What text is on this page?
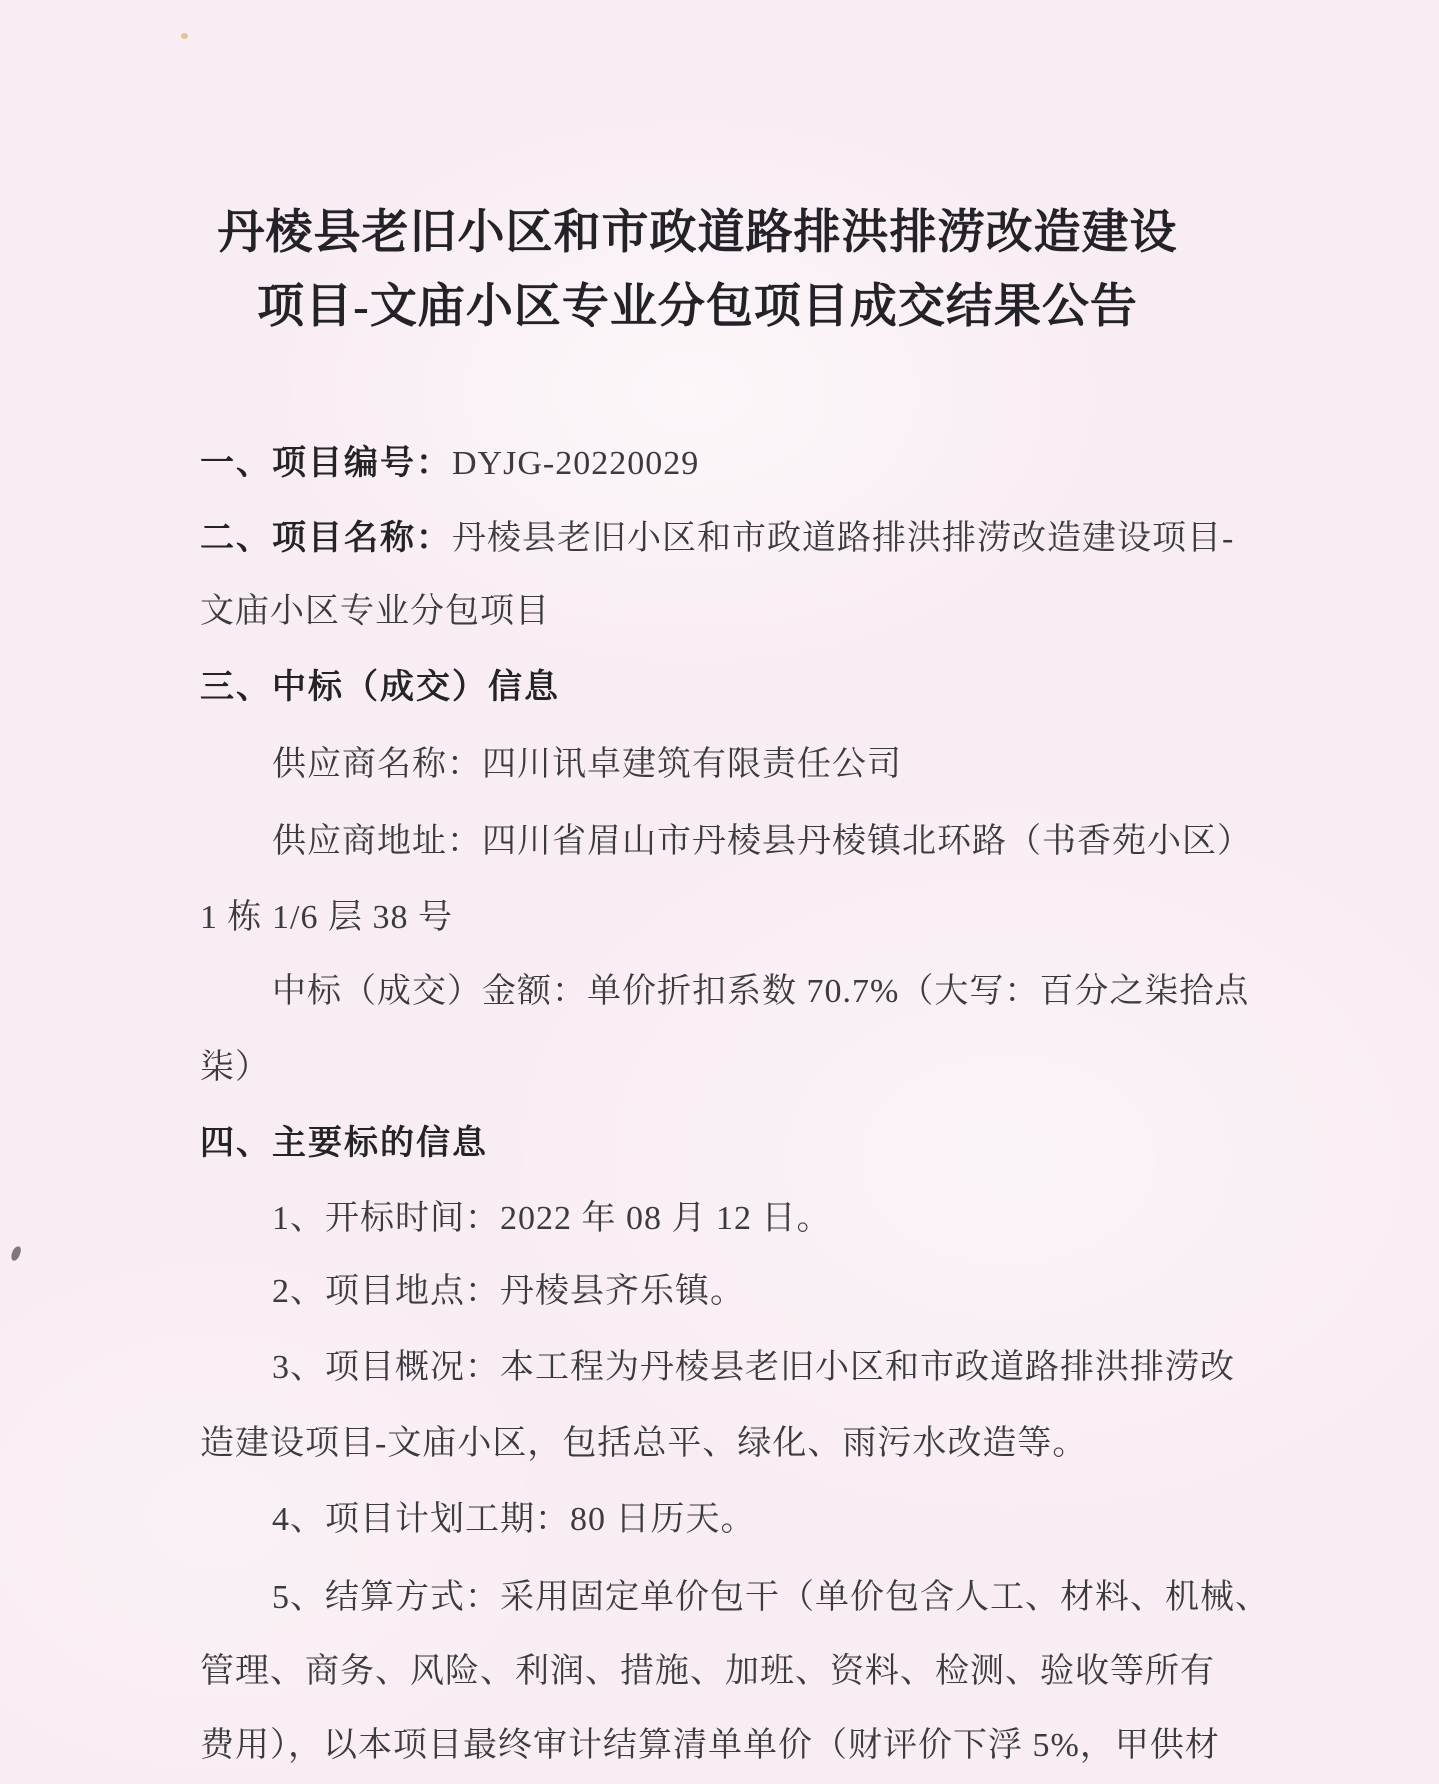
丹棱县老旧小区和市政道路排洪排涝改造建设
项目-文庙小区专业分包项目成交结果公告
一、项目编号：DYJG-20220029
二、项目名称：丹棱县老旧小区和市政道路排洪排涝改造建设项目-
文庙小区专业分包项目
三、中标（成交）信息
供应商名称：四川讯卓建筑有限责任公司
供应商地址：四川省眉山市丹棱县丹棱镇北环路（书香苑小区）
1 栋 1/6 层 38 号
中标（成交）金额：单价折扣系数 70.7%（大写：百分之柒拾点
柒）
四、主要标的信息
1、开标时间：2022 年 08 月 12 日。
2、项目地点：丹棱县齐乐镇。
3、项目概况：本工程为丹棱县老旧小区和市政道路排洪排涝改
造建设项目-文庙小区，包括总平、绿化、雨污水改造等。
4、项目计划工期：80 日历天。
5、结算方式：采用固定单价包干（单价包含人工、材料、机械、
管理、商务、风险、利润、措施、加班、资料、检测、验收等所有
费用），以本项目最终审计结算清单单价（财评价下浮 5%，甲供材
